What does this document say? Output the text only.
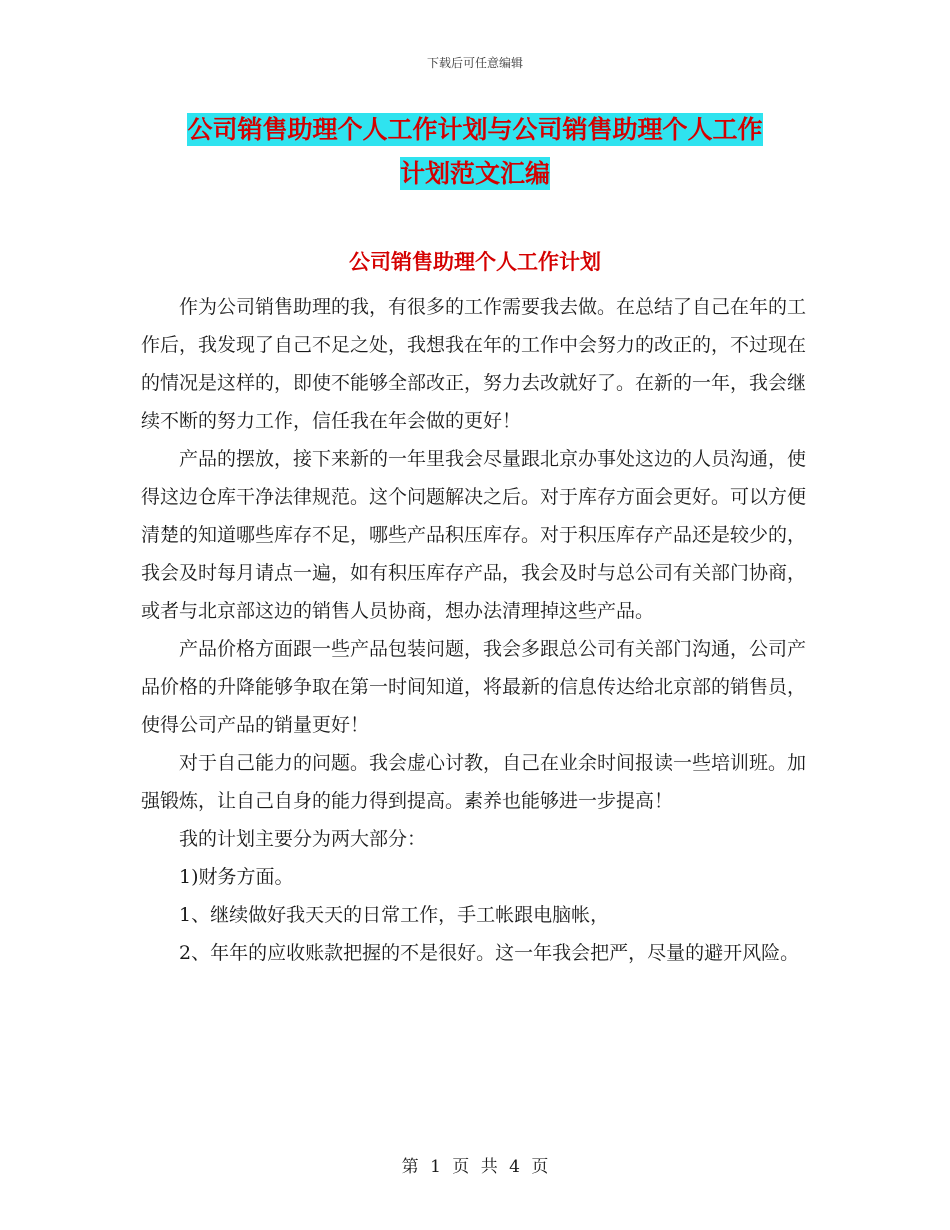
下载后可任意编辑
公司销售助理个人工作计划与公司销售助理个人工作
计划范文汇编
公司销售助理个人工作计划

作为公司销售助理的我，有很多的工作需要我去做。在总结了自己在年的工作后，我发现了自己不足之处，我想我在年的工作中会努力的改正的，不过现在的情况是这样的，即使不能够全部改正，努力去改就好了。在新的一年，我会继续不断的努力工作，信任我在年会做的更好！

产品的摆放，接下来新的一年里我会尽量跟北京办事处这边的人员沟通，使得这边仓库干净法律规范。这个问题解决之后。对于库存方面会更好。可以方便清楚的知道哪些库存不足，哪些产品积压库存。对于积压库存产品还是较少的，我会及时每月请点一遍，如有积压库存产品，我会及时与总公司有关部门协商，或者与北京部这边的销售人员协商，想办法清理掉这些产品。

产品价格方面跟一些产品包装问题，我会多跟总公司有关部门沟通，公司产品价格的升降能够争取在第一时间知道，将最新的信息传达给北京部的销售员，使得公司产品的销量更好！

对于自己能力的问题。我会虚心讨教，自己在业余时间报读一些培训班。加强锻炼，让自己自身的能力得到提高。素养也能够进一步提高！

我的计划主要分为两大部分：

1)财务方面。

1、继续做好我天天的日常工作，手工帐跟电脑帐，

2、年年的应收账款把握的不是很好。这一年我会把严，尽量的避开风险。

第 1 页 共 4 页
